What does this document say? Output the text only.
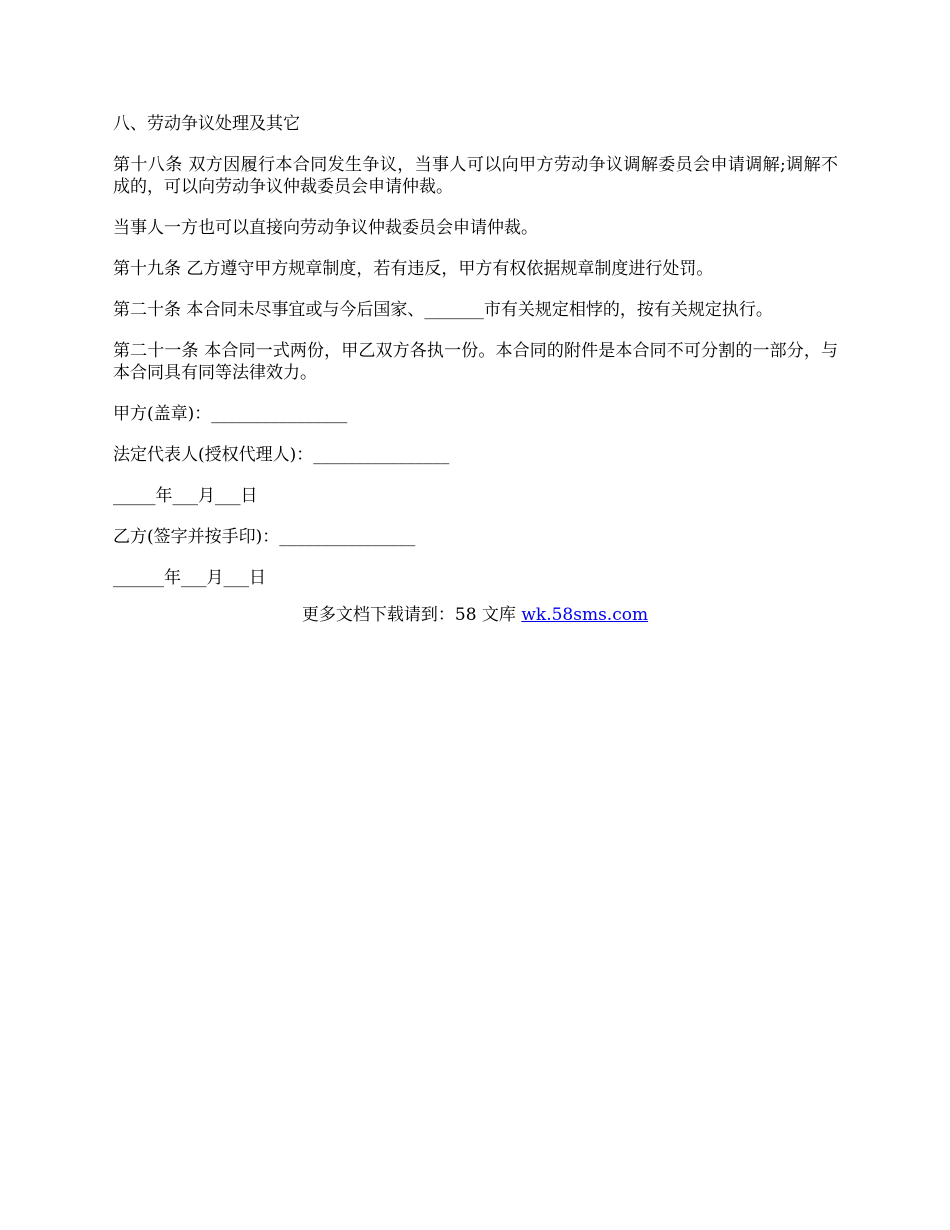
八、劳动争议处理及其它

第十八条 双方因履行本合同发生争议，当事人可以向甲方劳动争议调解委员会申请调解;调解不成的，可以向劳动争议仲裁委员会申请仲裁。

当事人一方也可以直接向劳动争议仲裁委员会申请仲裁。

第十九条 乙方遵守甲方规章制度，若有违反，甲方有权依据规章制度进行处罚。

第二十条 本合同未尽事宜或与今后国家、_______市有关规定相悖的，按有关规定执行。

第二十一条 本合同一式两份，甲乙双方各执一份。本合同的附件是本合同不可分割的一部分，与本合同具有同等法律效力。

甲方(盖章)：________________

法定代表人(授权代理人)：________________

_____年___月___日

乙方(签字并按手印)：________________

______年___月___日

更多文档下载请到：58 文库 wk.58sms.com
